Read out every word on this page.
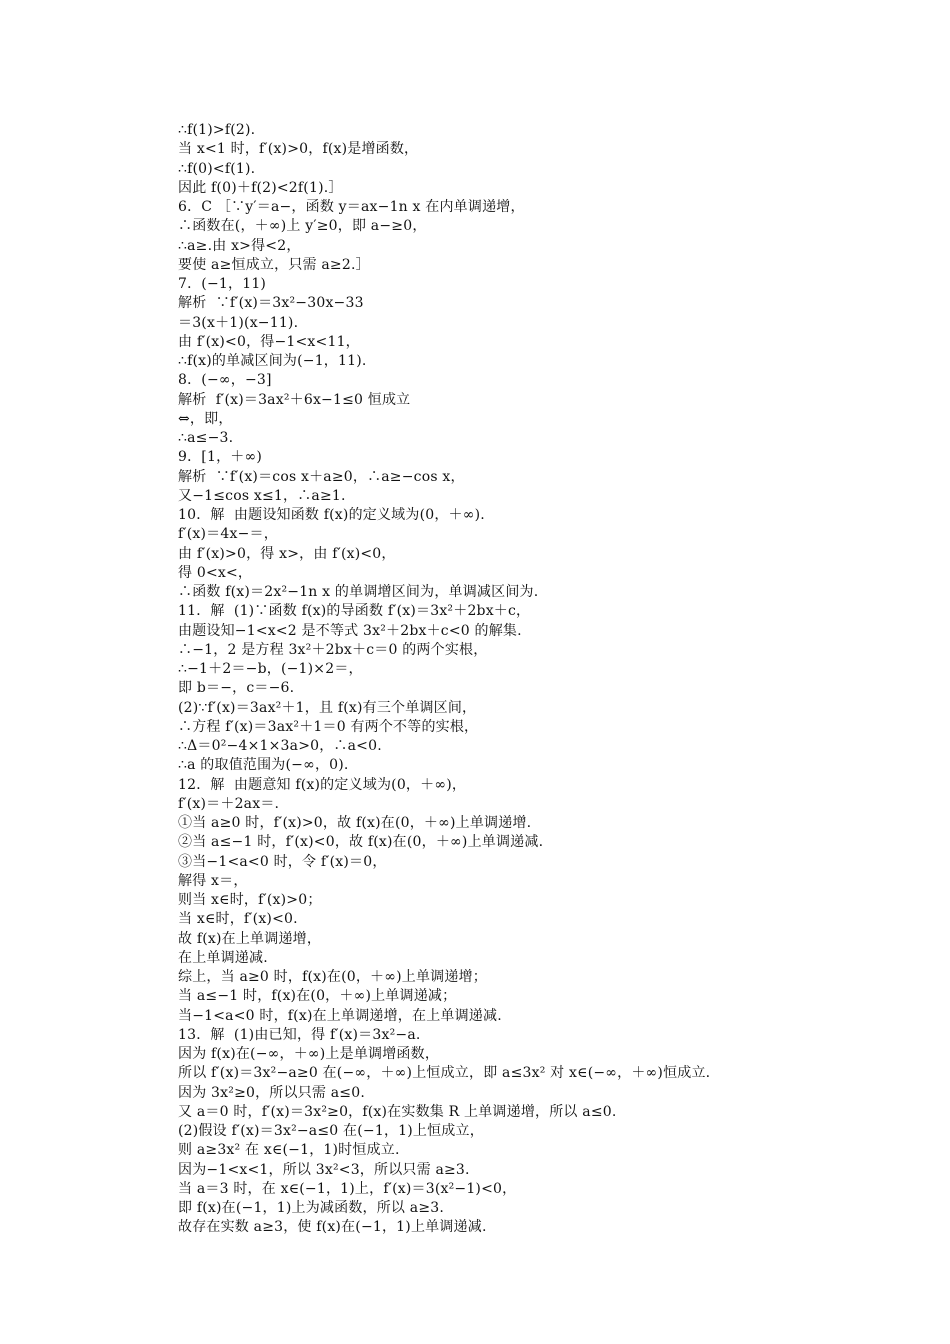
∴f(1)>f(2).
当 x<1 时，f′(x)>0，f(x)是增函数，
∴f(0)<f(1).
因此 f(0)＋f(2)<2f(1).］
6．C ［∵y′＝a−，函数 y＝ax−1n x 在内单调递增，
∴函数在(，＋∞)上 y′≥0，即 a−≥0，
∴a≥.由 x>得<2，
要使 a≥恒成立，只需 a≥2.］
7．(−1，11)
解析  ∵f′(x)＝3x²−30x−33
＝3(x＋1)(x−11).
由 f′(x)<0，得−1<x<11，
∴f(x)的单减区间为(−1，11).
8．(−∞，−3]
解析  f′(x)＝3ax²＋6x−1≤0 恒成立
⇔，即，
∴a≤−3.
9．[1，＋∞)
解析  ∵f′(x)＝cos x＋a≥0，∴a≥−cos x，
又−1≤cos x≤1，∴a≥1.
10．解  由题设知函数 f(x)的定义域为(0，＋∞).
f′(x)＝4x−＝，
由 f′(x)>0，得 x>，由 f′(x)<0，
得 0<x<，
∴函数 f(x)＝2x²−1n x 的单调增区间为，单调减区间为.
11．解  (1)∵函数 f(x)的导函数 f′(x)＝3x²＋2bx＋c，
由题设知−1<x<2 是不等式 3x²＋2bx＋c<0 的解集.
∴−1，2 是方程 3x²＋2bx＋c＝0 的两个实根，
∴−1＋2＝−b，(−1)×2＝，
即 b＝−，c＝−6.
(2)∵f′(x)＝3ax²＋1，且 f(x)有三个单调区间，
∴方程 f′(x)＝3ax²＋1＝0 有两个不等的实根，
∴Δ＝0²−4×1×3a>0，∴a<0.
∴a 的取值范围为(−∞，0).
12．解  由题意知 f(x)的定义域为(0，＋∞)，
f′(x)＝＋2ax＝.
①当 a≥0 时，f′(x)>0，故 f(x)在(0，＋∞)上单调递增.
②当 a≤−1 时，f′(x)<0，故 f(x)在(0，＋∞)上单调递减.
③当−1<a<0 时，令 f′(x)＝0，
解得 x＝，
则当 x∈时，f′(x)>0；
当 x∈时，f′(x)<0.
故 f(x)在上单调递增，
在上单调递减.
综上，当 a≥0 时，f(x)在(0，＋∞)上单调递增；
当 a≤−1 时，f(x)在(0，＋∞)上单调递减；
当−1<a<0 时，f(x)在上单调递增，在上单调递减.
13．解  (1)由已知，得 f′(x)＝3x²−a.
因为 f(x)在(−∞，＋∞)上是单调增函数，
所以 f′(x)＝3x²−a≥0 在(−∞，＋∞)上恒成立，即 a≤3x² 对 x∈(−∞，＋∞)恒成立.
因为 3x²≥0，所以只需 a≤0.
又 a＝0 时，f′(x)＝3x²≥0，f(x)在实数集 R 上单调递增，所以 a≤0.
(2)假设 f′(x)＝3x²−a≤0 在(−1，1)上恒成立，
则 a≥3x² 在 x∈(−1，1)时恒成立.
因为−1<x<1，所以 3x²<3，所以只需 a≥3.
当 a＝3 时，在 x∈(−1，1)上，f′(x)＝3(x²−1)<0，
即 f(x)在(−1，1)上为减函数，所以 a≥3.
故存在实数 a≥3，使 f(x)在(−1，1)上单调递减.
